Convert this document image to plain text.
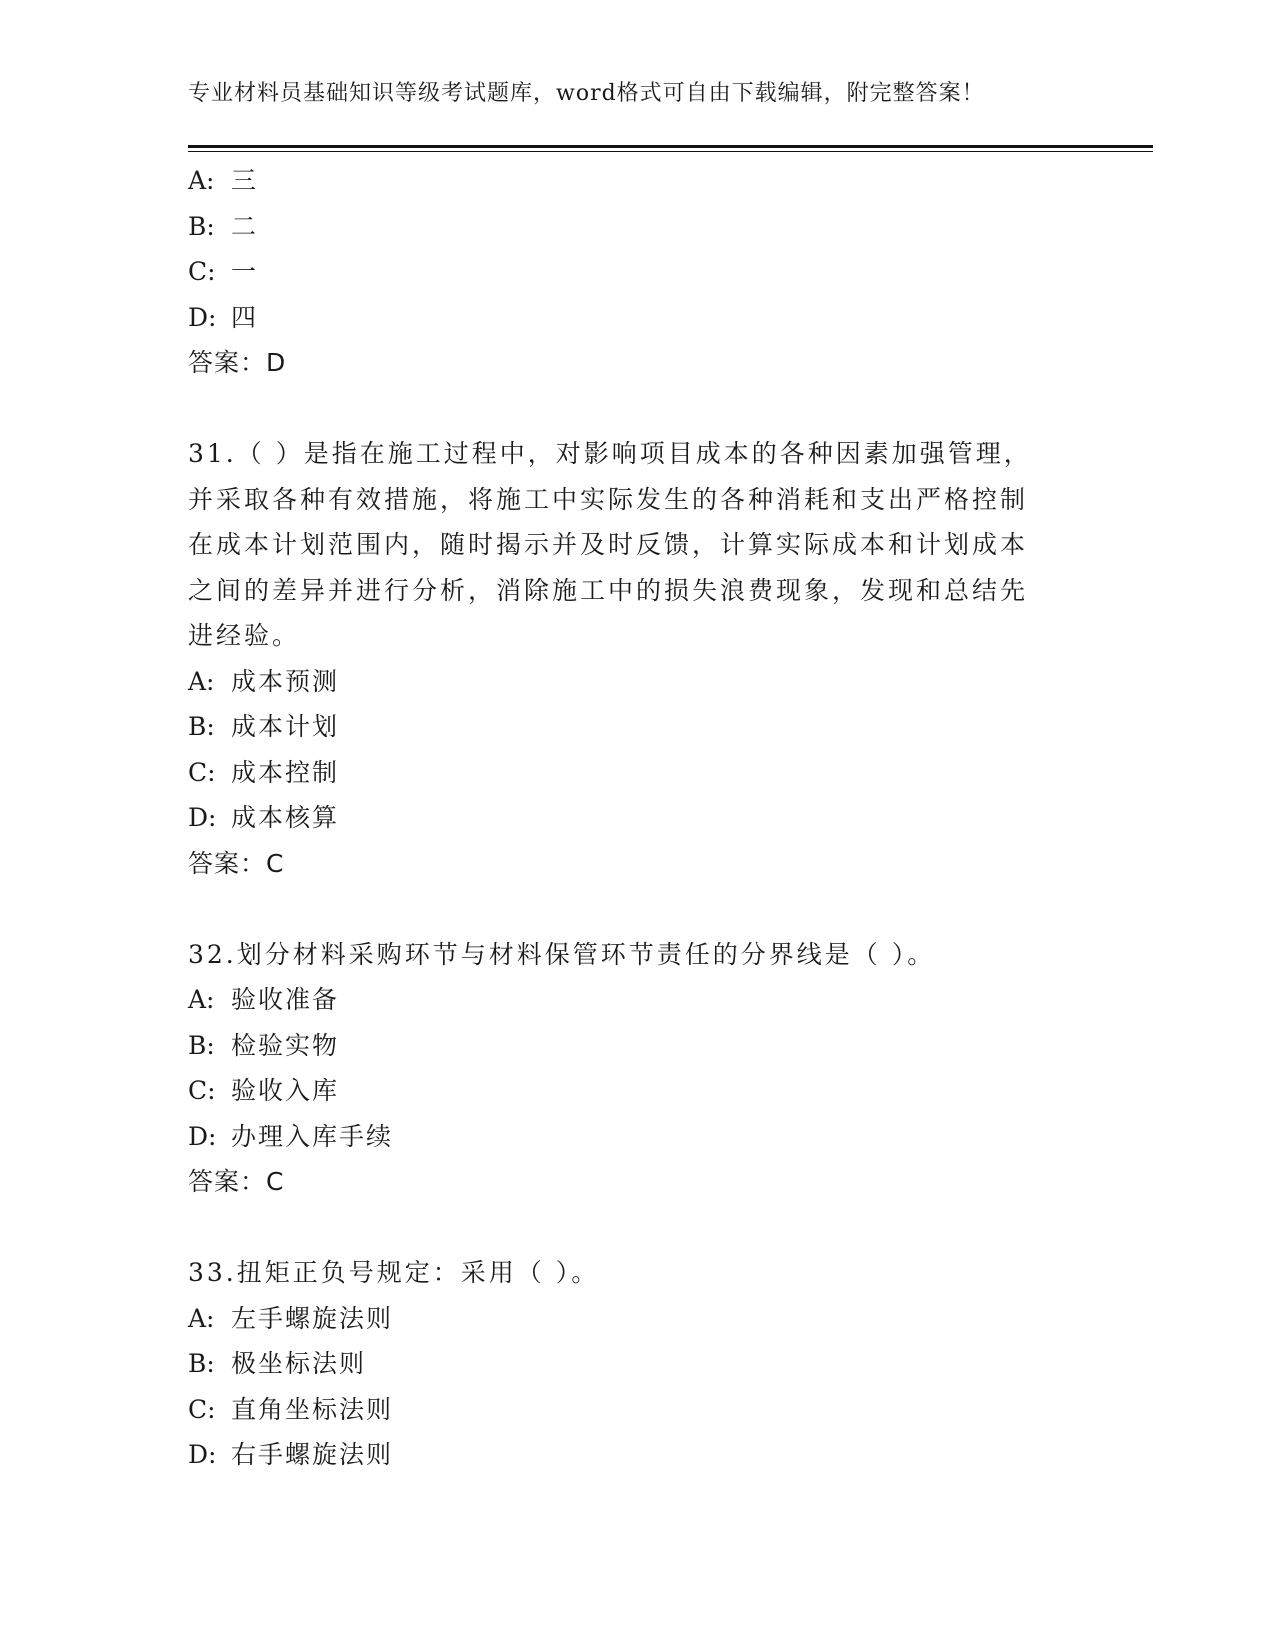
专业材料员基础知识等级考试题库，word格式可自由下载编辑，附完整答案！
A: 三
B: 二
C: 一
D: 四
答案：D
31.（ ）是指在施工过程中，对影响项目成本的各种因素加强管理，
并采取各种有效措施，将施工中实际发生的各种消耗和支出严格控制
在成本计划范围内，随时揭示并及时反馈，计算实际成本和计划成本
之间的差异并进行分析，消除施工中的损失浪费现象，发现和总结先
进经验。
A: 成本预测
B: 成本计划
C: 成本控制
D: 成本核算
答案：C
32.划分材料采购环节与材料保管环节责任的分界线是（ ）。
A: 验收准备
B: 检验实物
C: 验收入库
D: 办理入库手续
答案：C
33.扭矩正负号规定：采用（ ）。
A: 左手螺旋法则
B: 极坐标法则
C: 直角坐标法则
D: 右手螺旋法则
